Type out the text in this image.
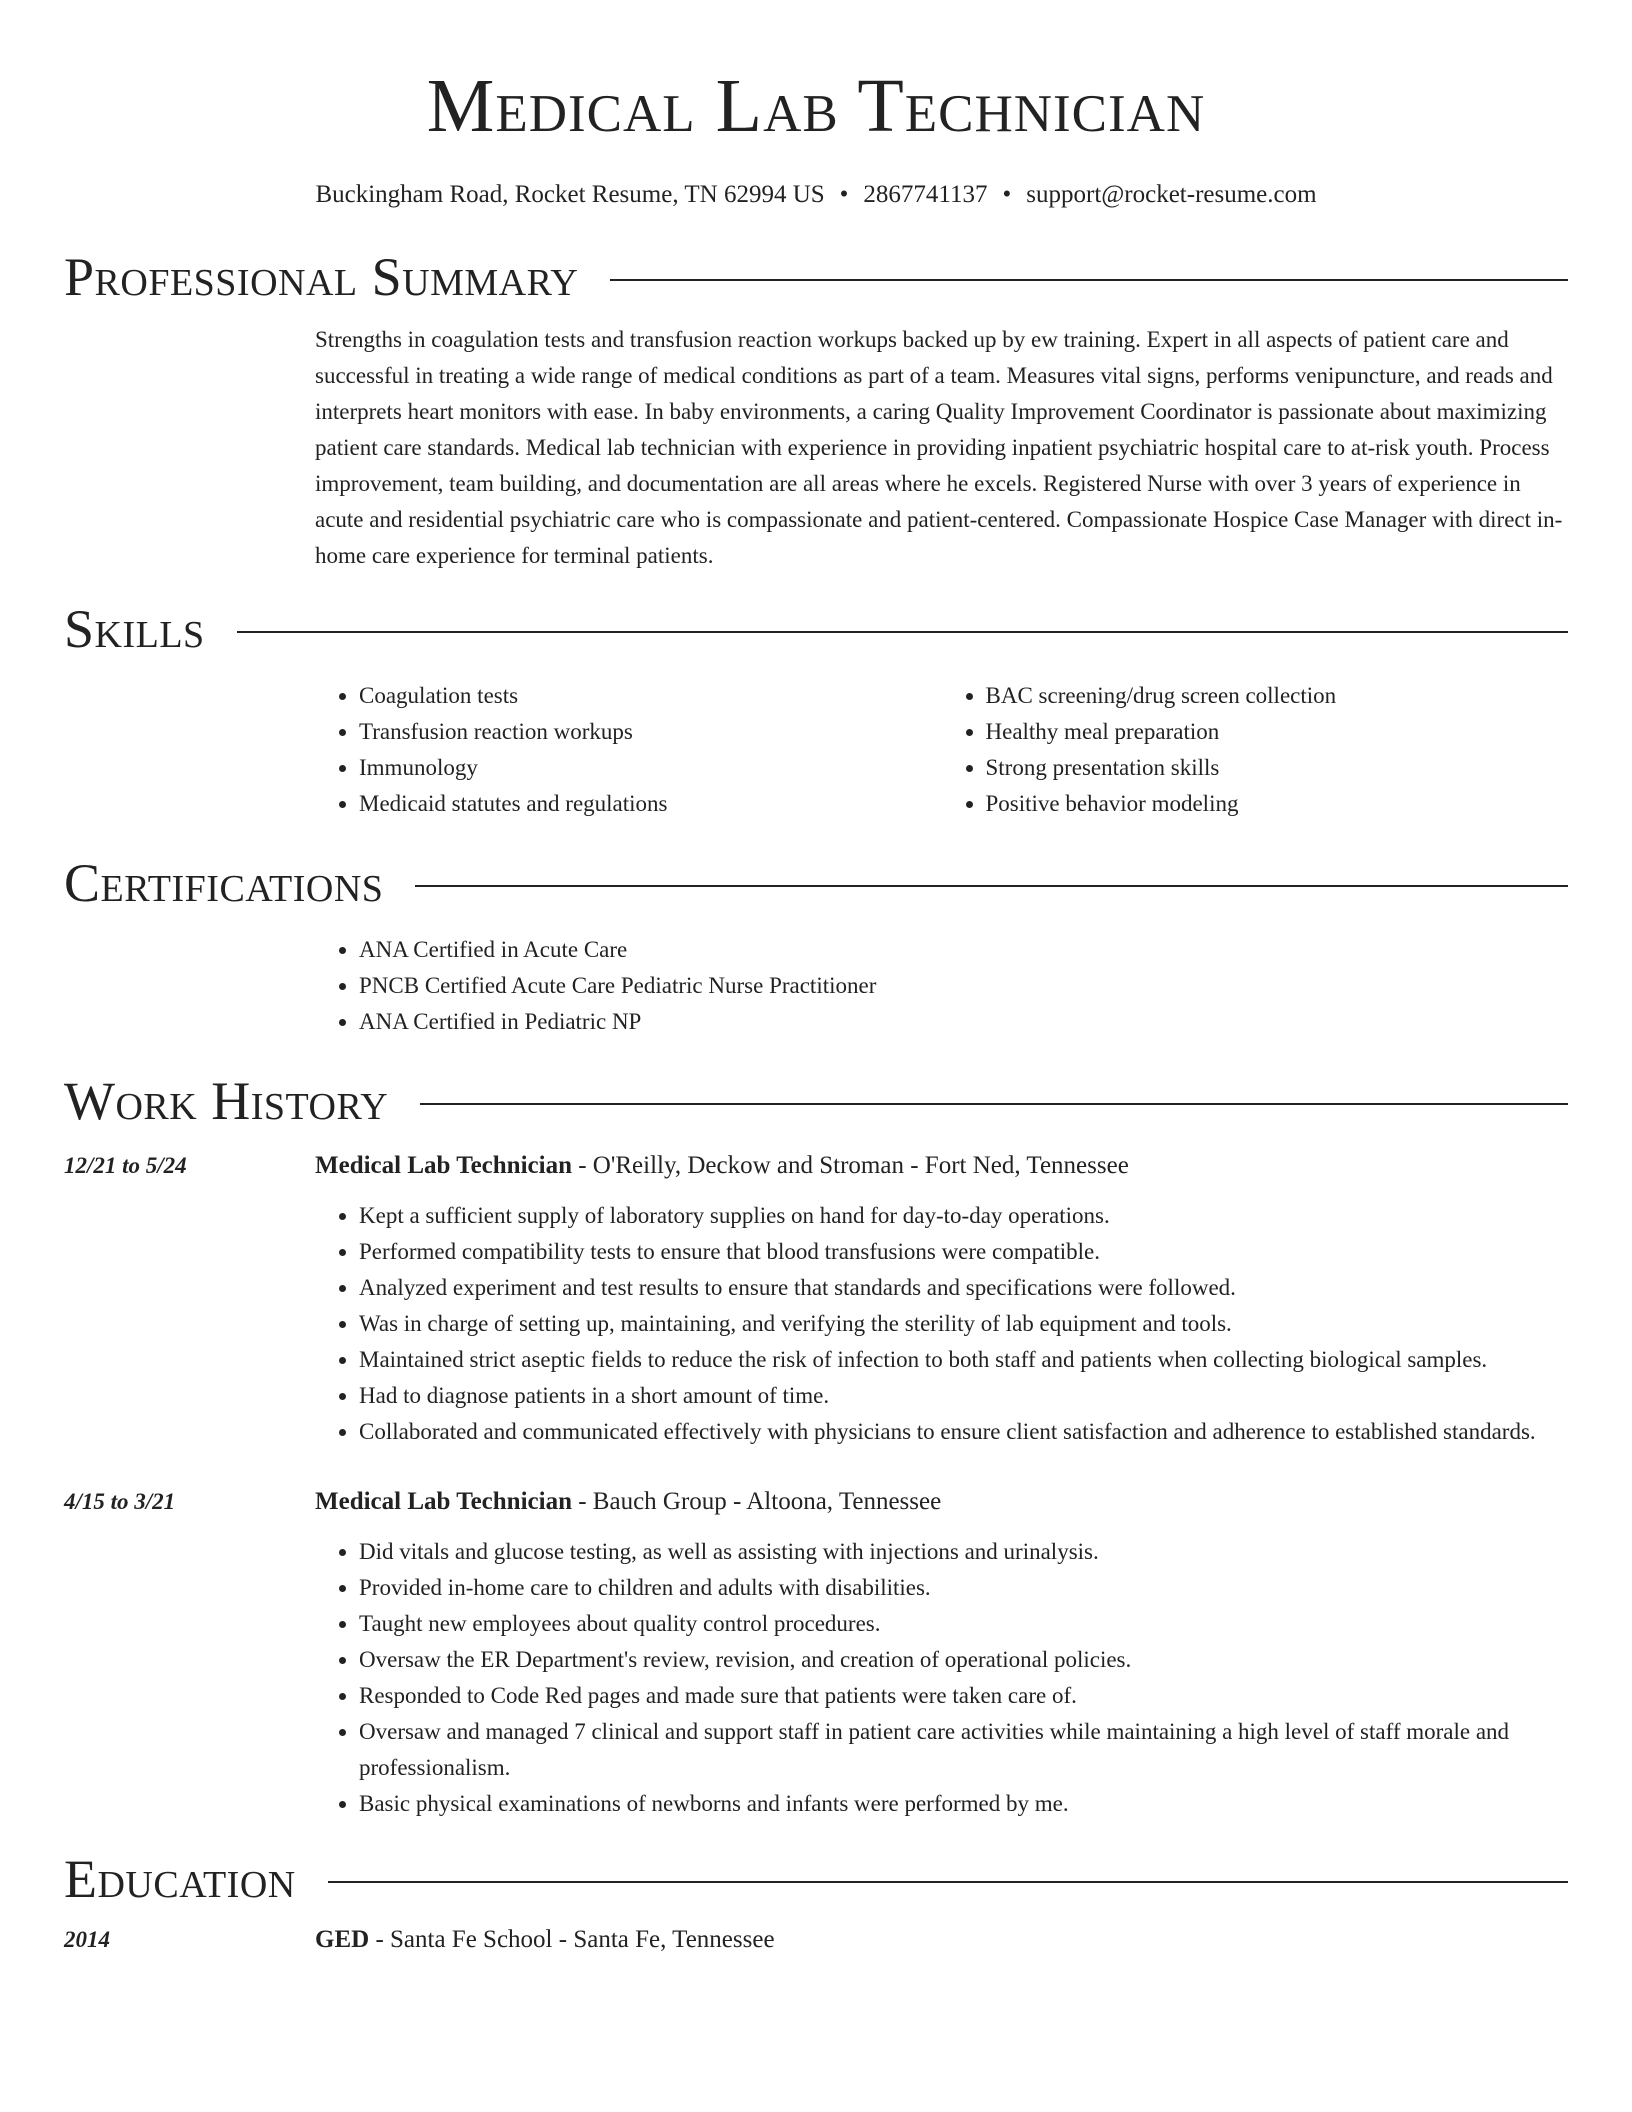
Medical Lab Technician
Buckingham Road, Rocket Resume, TN 62994 US • 2867741137 • support@rocket-resume.com
Professional Summary
Strengths in coagulation tests and transfusion reaction workups backed up by ew training. Expert in all aspects of patient care and successful in treating a wide range of medical conditions as part of a team. Measures vital signs, performs venipuncture, and reads and interprets heart monitors with ease. In baby environments, a caring Quality Improvement Coordinator is passionate about maximizing patient care standards. Medical lab technician with experience in providing inpatient psychiatric hospital care to at-risk youth. Process improvement, team building, and documentation are all areas where he excels. Registered Nurse with over 3 years of experience in acute and residential psychiatric care who is compassionate and patient-centered. Compassionate Hospice Case Manager with direct in-home care experience for terminal patients.
Skills
• Coagulation tests
• Transfusion reaction workups
• Immunology
• Medicaid statutes and regulations
• BAC screening/drug screen collection
• Healthy meal preparation
• Strong presentation skills
• Positive behavior modeling
Certifications
• ANA Certified in Acute Care
• PNCB Certified Acute Care Pediatric Nurse Practitioner
• ANA Certified in Pediatric NP
Work History
12/21 to 5/24	Medical Lab Technician - O'Reilly, Deckow and Stroman - Fort Ned, Tennessee
• Kept a sufficient supply of laboratory supplies on hand for day-to-day operations.
• Performed compatibility tests to ensure that blood transfusions were compatible.
• Analyzed experiment and test results to ensure that standards and specifications were followed.
• Was in charge of setting up, maintaining, and verifying the sterility of lab equipment and tools.
• Maintained strict aseptic fields to reduce the risk of infection to both staff and patients when collecting biological samples.
• Had to diagnose patients in a short amount of time.
• Collaborated and communicated effectively with physicians to ensure client satisfaction and adherence to established standards.
4/15 to 3/21	Medical Lab Technician - Bauch Group - Altoona, Tennessee
• Did vitals and glucose testing, as well as assisting with injections and urinalysis.
• Provided in-home care to children and adults with disabilities.
• Taught new employees about quality control procedures.
• Oversaw the ER Department's review, revision, and creation of operational policies.
• Responded to Code Red pages and made sure that patients were taken care of.
• Oversaw and managed 7 clinical and support staff in patient care activities while maintaining a high level of staff morale and professionalism.
• Basic physical examinations of newborns and infants were performed by me.
Education
2014	GED - Santa Fe School - Santa Fe, Tennessee
